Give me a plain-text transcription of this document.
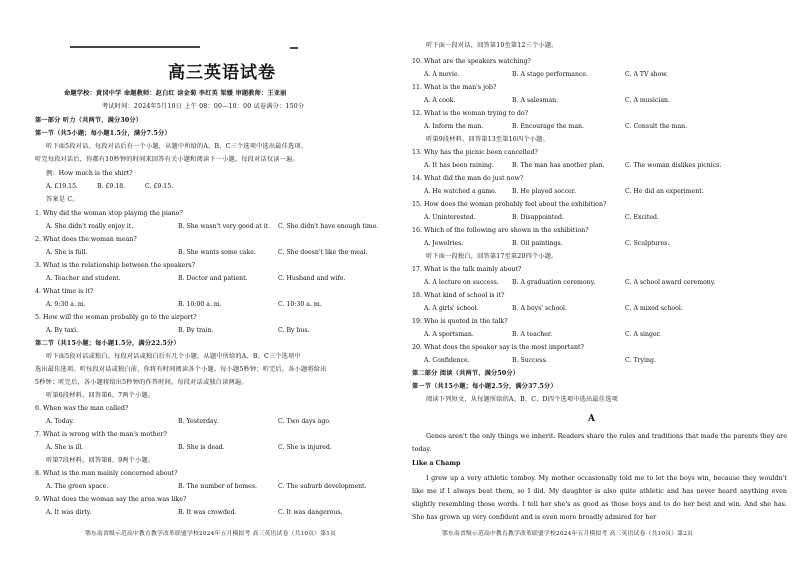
高三英语试卷
命题学校：黄冈中学 命题教师：赵白红 涂金菊 李红英 梁媛 审题教师：王亚丽
考试时间：2024年5月10日 上午 08：00—10：00 试卷满分：150分
第一部分 听力（共两节，满分30分）
第一节（共5小题；每小题1.5分，满分7.5分）
听下面5段对话。每段对话后有一个小题，从题中所给的A、B、C三个选项中选出最佳选项。
听完每段对话后，你都有10秒钟的时间来回答有关小题和阅读下一小题。每段对话仅读一遍。
例：How much is the shirt?
A. £19.15.	B. £9.18.	C. £9.15.
答案是 C。
1. Why did the woman stop playing the piano?
A. She didn't really enjoy it.	B. She wasn't very good at it. C. She didn't have enough time.
2. What does the woman mean?
A. She is full.	B. She wants some cake.	C. She doesn't like the meal.
3. What is the relationship between the speakers?
A. Teacher and student.	B. Doctor and patient.	C. Husband and wife.
4. What time is it?
A. 9:30 a. m.	B. 10:00 a. m.	C. 10:30 a. m.
5. How will the woman probably go to the airport?
A. By taxi.	B. By train.	C. By bus.
第二节（共15小题；每小题1.5分，满分22.5分）
听下面5段对话或独白。每段对话或独白后有几个小题，从题中所给的A、B、C三个选项中
选出最佳选项。听每段对话或独白前，你将有时间阅读各个小题，每小题5秒钟；听完后，各小题将给出
5秒钟；听完后，各小题将给出5秒钟的作答时间。每段对话或独白读两遍。
听第6段材料，回答第6、7两个小题。
6. When was the man called?
A. Today.	B. Yesterday.	C. Two days ago.
7. What is wrong with the man's mother?
A. She is ill.	B. She is dead.	C. She is injured.
听第7段材料，回答第8、9两个小题。
8. What is the man mainly concerned about?
A. The green space.	B. The number of homes.	C. The suburb development.
9. What does the woman say the area was like?
A. It was dirty.	B. It was crowded.	C. It was dangerous.
鄂东南省级示范高中教育教学改革联盟学校2024年五月模拟考 高三英语试卷（共10页）第1页
听下面一段对话，回答第10至第12三个小题。
10. What are the speakers watching?
A. A movie.	B. A stage performance.	C. A TV show.
11. What is the man's job?
A. A cook.	B. A salesman.	C. A musician.
12. What is the woman trying to do?
A. Inform the man.	B. Encourage the man.	C. Consult the man.
听第9段材料，回答第13至第16四个小题。
13. Why has the picnic been cancelled?
A. It has been raining.	B. The man has another plan.	C. The woman dislikes picnics.
14. What did the man do just now?
A. He watched a game. B. He played soccer.	C. He did an experiment.
15. How does the woman probably feel about the exhibition?
A. Uninterested.	B. Disappointed.	C. Excited.
16. Which of the following are shown in the exhibition?
A. Jewelries.	B. Oil paintings.	C. Sculptures.
听下面一段独白，回答第17至第20四个小题。
17. What is the talk mainly about?
A. A lecture on success. B. A graduation ceremony.	C. A school award ceremony.
18. What kind of school is it?
A. A girls' school.	B. A boys' school.	C. A mixed school.
19. Who is quoted in the talk?
A. A sportsman.	B. A teacher.	C. A singer.
20. What does the speaker say is the most important?
A. Confidence.	B. Success.	C. Trying.
第二部分 阅读（共两节，满分50分）
第一节（共15小题；每小题2.5分，满分37.5分）
阅读下列短文，从每题所给的A、B、C、D四个选项中选出最佳选项
A
Genes aren't the only things we inherit. Readers share the rules and traditions that made the parents they are today.
Like a Champ
I grew up a very athletic tomboy. My mother occasionally told me to let the boys win, because they wouldn't like me if I always beat them, so I did. My daughter is also quite athletic and has never heard anything even slightly resembling those words. I tell her she's as good as those boys and to do her best and win. And she has. She has grown up very confident and is even more broadly admired for her
鄂东南省级示范高中教育教学改革联盟学校2024年五月模拟考 高三英语试卷（共10页）第2页
